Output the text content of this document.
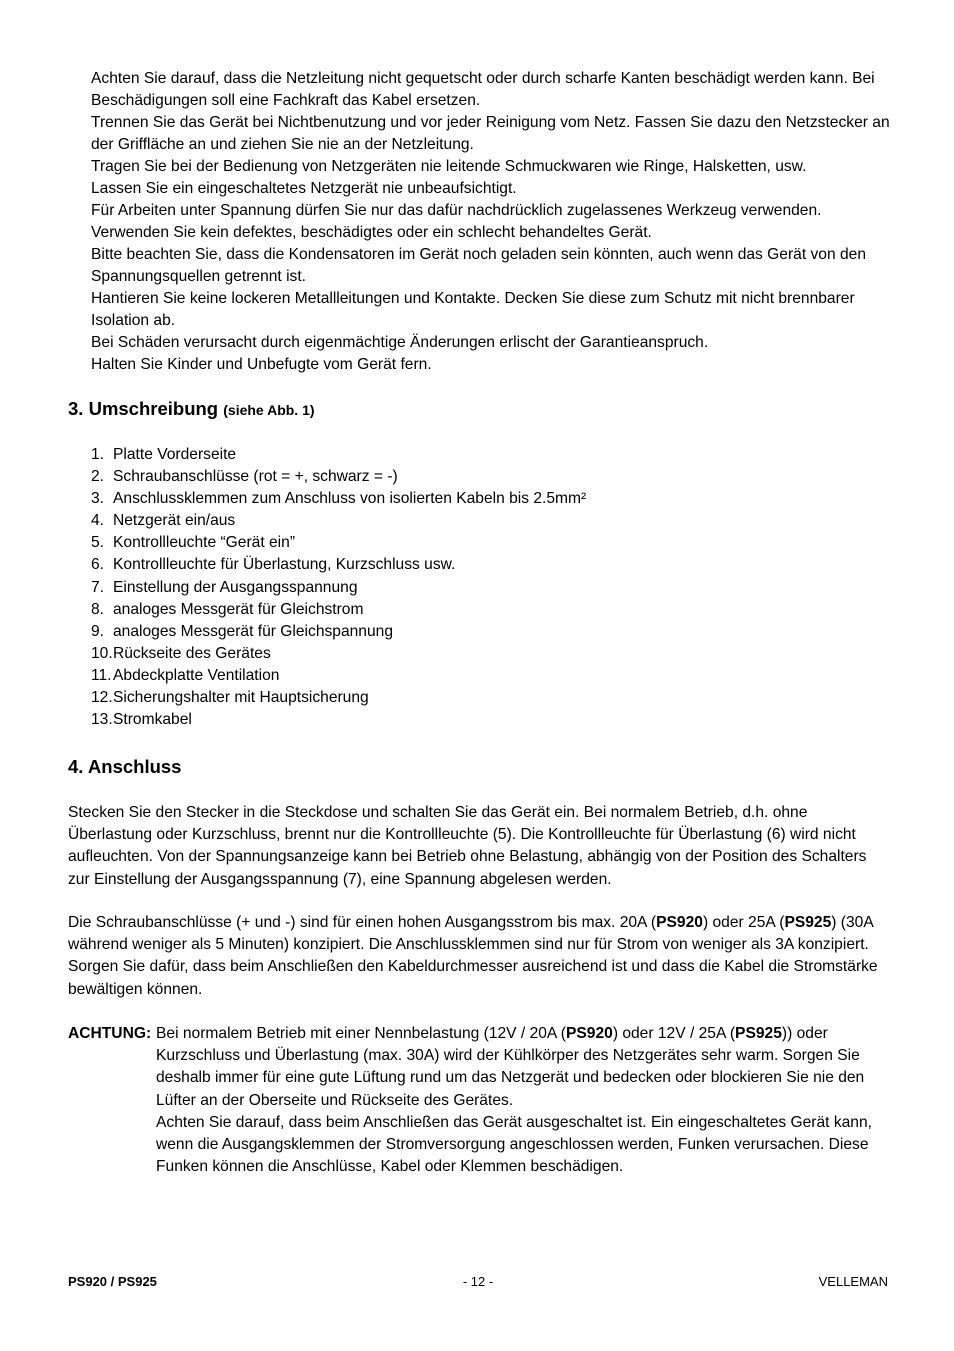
Achten Sie darauf, dass die Netzleitung nicht gequetscht oder durch scharfe Kanten beschädigt werden kann. Bei Beschädigungen soll eine Fachkraft das Kabel ersetzen.

Trennen Sie das Gerät bei Nichtbenutzung und vor jeder Reinigung vom Netz. Fassen Sie dazu den Netzstecker an der Griffläche an und ziehen Sie nie an der Netzleitung.

Tragen Sie bei der Bedienung von Netzgeräten nie leitende Schmuckwaren wie Ringe, Halsketten, usw.

Lassen Sie ein eingeschaltetes Netzgerät nie unbeaufsichtigt.

Für Arbeiten unter Spannung dürfen Sie nur das dafür nachdrücklich zugelassenes Werkzeug verwenden.

Verwenden Sie kein defektes, beschädigtes oder ein schlecht behandeltes Gerät.

Bitte beachten Sie, dass die Kondensatoren im Gerät noch geladen sein könnten, auch wenn das Gerät von den Spannungsquellen getrennt ist.

Hantieren Sie keine lockeren Metallleitungen und Kontakte. Decken Sie diese zum Schutz mit nicht brennbarer Isolation ab.

Bei Schäden verursacht durch eigenmächtige Änderungen erlischt der Garantieanspruch.

Halten Sie Kinder und Unbefugte vom Gerät fern.

3. Umschreibung (siehe Abb. 1)
1. Platte Vorderseite
2. Schraubanschlüsse (rot = +, schwarz = -)
3. Anschlussklemmen zum Anschluss von isolierten Kabeln bis 2.5mm²
4. Netzgerät ein/aus
5. Kontrollleuchte “Gerät ein”
6. Kontrollleuchte für Überlastung, Kurzschluss usw.
7. Einstellung der Ausgangsspannung
8. analoges Messgerät für Gleichstrom
9. analoges Messgerät für Gleichspannung
10. Rückseite des Gerätes
11. Abdeckplatte Ventilation
12. Sicherungshalter mit Hauptsicherung
13. Stromkabel
4. Anschluss

Stecken Sie den Stecker in die Steckdose und schalten Sie das Gerät ein. Bei normalem Betrieb, d.h. ohne Überlastung oder Kurzschluss, brennt nur die Kontrollleuchte (5). Die Kontrollleuchte für Überlastung (6) wird nicht aufleuchten. Von der Spannungsanzeige kann bei Betrieb ohne Belastung, abhängig von der Position des Schalters zur Einstellung der Ausgangsspannung (7), eine Spannung abgelesen werden.

Die Schraubanschlüsse (+ und -) sind für einen hohen Ausgangsstrom bis max. 20A (PS920) oder 25A (PS925) (30A während weniger als 5 Minuten) konzipiert. Die Anschlussklemmen sind nur für Strom von weniger als 3A konzipiert. Sorgen Sie dafür, dass beim Anschließen den Kabeldurchmesser ausreichend ist und dass die Kabel die Stromstärke bewältigen können.

ACHTUNG: Bei normalem Betrieb mit einer Nennbelastung (12V / 20A (PS920) oder 12V / 25A (PS925)) oder Kurzschluss und Überlastung (max. 30A) wird der Kühlkörper des Netzgerätes sehr warm. Sorgen Sie deshalb immer für eine gute Lüftung rund um das Netzgerät und bedecken oder blockieren Sie nie den Lüfter an der Oberseite und Rückseite des Gerätes.

Achten Sie darauf, dass beim Anschließen das Gerät ausgeschaltet ist. Ein eingeschaltetes Gerät kann, wenn die Ausgangsklemmen der Stromversorgung angeschlossen werden, Funken verursachen. Diese Funken können die Anschlüsse, Kabel oder Klemmen beschädigen.

PS920 / PS925	- 12 -	VELLEMAN
